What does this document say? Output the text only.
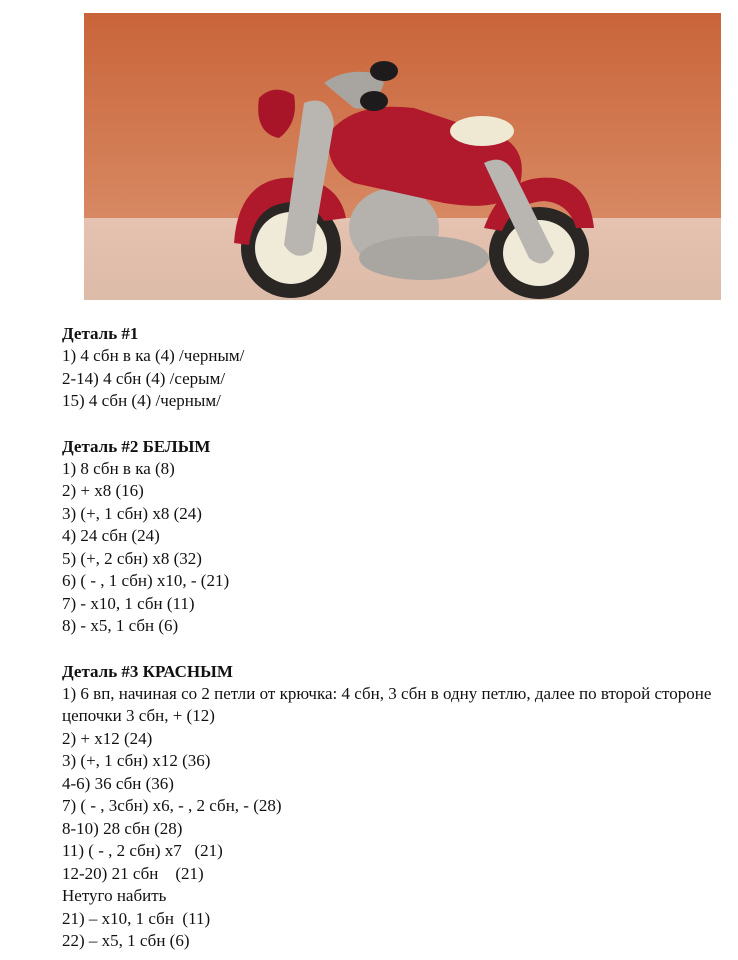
Деталь #1
1) 4 сбн в ка (4) /черным/
2-14) 4 сбн (4) /серым/
15) 4 сбн (4) /черным/
Деталь #2 БЕЛЫМ
1) 8 сбн в ка (8)
2) + x8 (16)
3) (+, 1 сбн) x8 (24)
4) 24 сбн (24)
5) (+, 2 сбн) x8 (32)
6) ( - , 1 сбн) x10, - (21)
7) - x10, 1 сбн (11)
8) - x5, 1 сбн (6)
Деталь #3 КРАСНЫМ
1) 6 вп, начиная со 2 петли от крючка: 4 сбн, 3 сбн в одну петлю, далее по второй стороне цепочки 3 сбн, + (12)
2) + x12 (24)
3) (+, 1 сбн) x12 (36)
4-6) 36 сбн (36)
7) ( - , 3сбн) x6, - , 2 сбн, - (28)
8-10) 28 сбн (28)
11) ( - , 2 сбн) x7   (21)
12-20) 21 сбн    (21)
Нетуго набить
21) – x10, 1 сбн  (11)
22) – x5, 1 сбн (6)
